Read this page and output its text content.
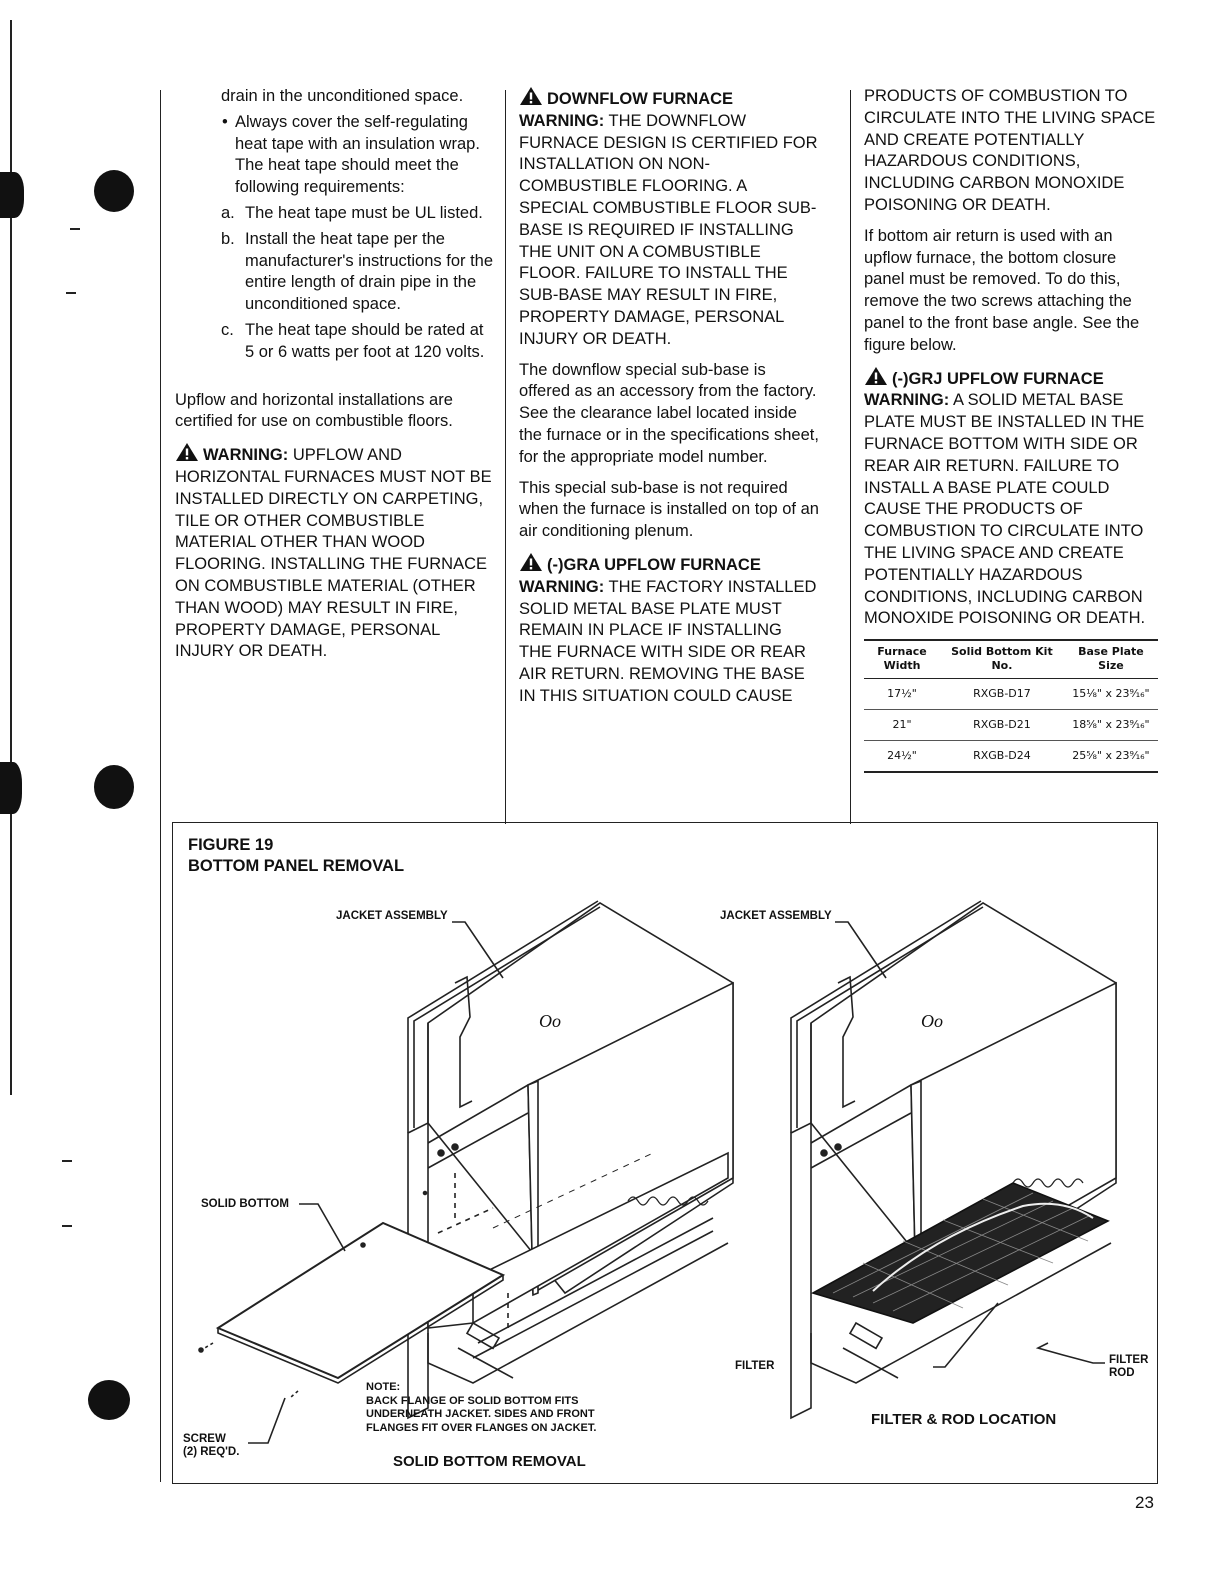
drain in the unconditioned space.

• Always cover the self-regulating heat tape with an insulation wrap. The heat tape should meet the following requirements:
a. The heat tape must be UL listed.
b. Install the heat tape per the manufacturer's instructions for the entire length of drain pipe in the unconditioned space.
c. The heat tape should be rated at 5 or 6 watts per foot at 120 volts.

Upflow and horizontal installations are certified for use on combustible floors.

WARNING: UPFLOW AND HORIZONTAL FURNACES MUST NOT BE INSTALLED DIRECTLY ON CARPETING, TILE OR OTHER COMBUSTIBLE MATERIAL OTHER THAN WOOD FLOORING. INSTALLING THE FURNACE ON COMBUSTIBLE MATERIAL (OTHER THAN WOOD) MAY RESULT IN FIRE, PROPERTY DAMAGE, PERSONAL INJURY OR DEATH.

DOWNFLOW FURNACE
WARNING: THE DOWNFLOW FURNACE DESIGN IS CERTIFIED FOR INSTALLATION ON NON-COMBUSTIBLE FLOORING. A SPECIAL COMBUSTIBLE FLOOR SUB-BASE IS REQUIRED IF INSTALLING THE UNIT ON A COMBUSTIBLE FLOOR. FAILURE TO INSTALL THE SUB-BASE MAY RESULT IN FIRE, PROPERTY DAMAGE, PERSONAL INJURY OR DEATH.

The downflow special sub-base is offered as an accessory from the factory. See the clearance label located inside the furnace or in the specifications sheet, for the appropriate model number.

This special sub-base is not required when the furnace is installed on top of an air conditioning plenum.

(-)GRA UPFLOW FURNACE
WARNING: THE FACTORY INSTALLED SOLID METAL BASE PLATE MUST REMAIN IN PLACE IF INSTALLING THE FURNACE WITH SIDE OR REAR AIR RETURN. REMOVING THE BASE IN THIS SITUATION COULD CAUSE

PRODUCTS OF COMBUSTION TO CIRCULATE INTO THE LIVING SPACE AND CREATE POTENTIALLY HAZARDOUS CONDITIONS, INCLUDING CARBON MONOXIDE POISONING OR DEATH.

If bottom air return is used with an upflow furnace, the bottom closure panel must be removed. To do this, remove the two screws attaching the panel to the front base angle. See the figure below.

(-)GRJ UPFLOW FURNACE
WARNING: A SOLID METAL BASE PLATE MUST BE INSTALLED IN THE FURNACE BOTTOM WITH SIDE OR REAR AIR RETURN. FAILURE TO INSTALL A BASE PLATE COULD CAUSE THE PRODUCTS OF COMBUSTION TO CIRCULATE INTO THE LIVING SPACE AND CREATE POTENTIALLY HAZARDOUS CONDITIONS, INCLUDING CARBON MONOXIDE POISONING OR DEATH.

Furnace Width	Solid Bottom Kit No.	Base Plate Size
17½"	RXGB-D17	15⅛" x 23⁹⁄₁₆"
21"	RXGB-D21	18⅝" x 23⁹⁄₁₆"
24½"	RXGB-D24	25⅝" x 23⁹⁄₁₆"
FIGURE 19
BOTTOM PANEL REMOVAL
JACKET ASSEMBLY
SOLID BOTTOM
SCREW
(2) REQ'D.
NOTE:
BACK FLANGE OF SOLID BOTTOM FITS
UNDERNEATH JACKET. SIDES AND FRONT
FLANGES FIT OVER FLANGES ON JACKET.
SOLID BOTTOM REMOVAL
JACKET ASSEMBLY
FILTER	FILTER
ROD
FILTER & ROD LOCATION
Oo	Oo
23
